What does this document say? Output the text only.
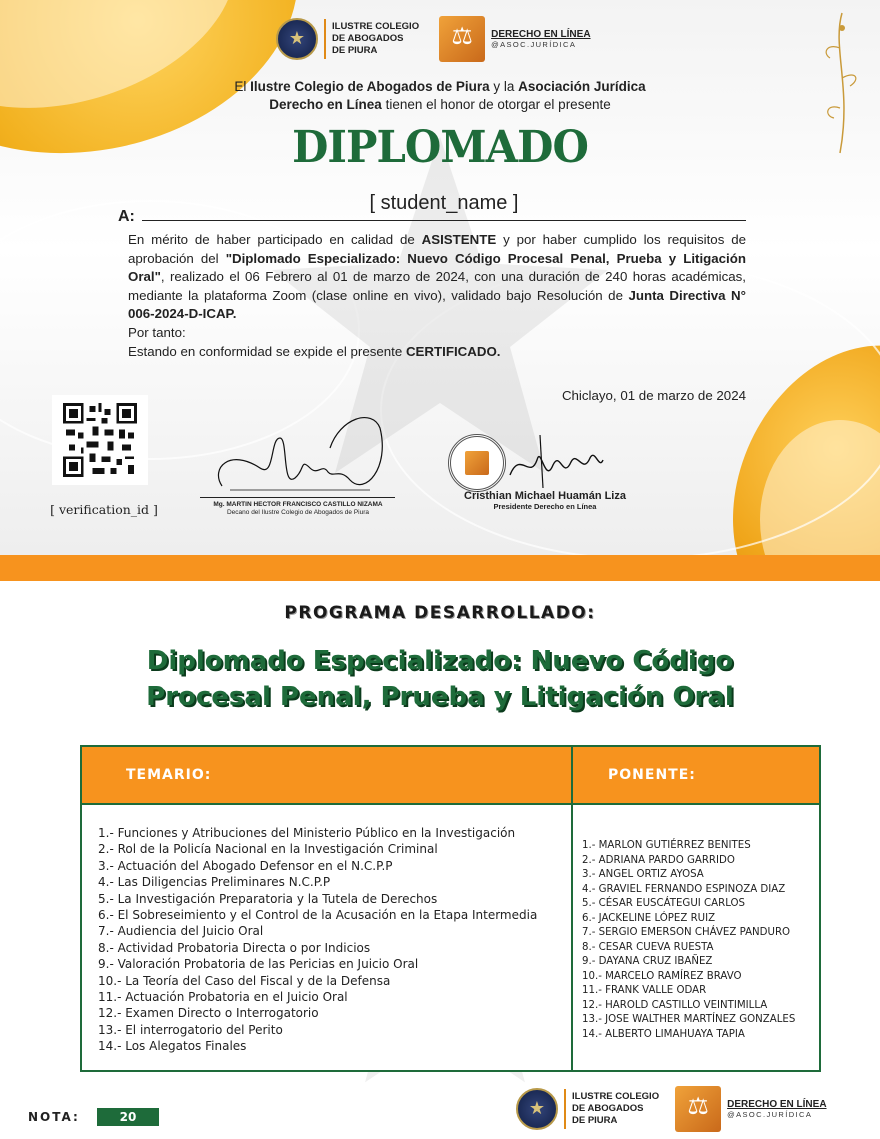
★
ILUSTRE COLEGIO
DE ABOGADOS
DE PIURA
⚖
DERECHO EN LÍNEA
@ASOC.JURÍDICA
El Ilustre Colegio de Abogados de Piura y la Asociación Jurídica
Derecho en Línea tienen el honor de otorgar el presente
DIPLOMADO
A:
[ student_name ]
En mérito de haber participado en calidad de ASISTENTE y por haber cumplido los requisitos de aprobación del "Diplomado Especializado: Nuevo Código Procesal Penal, Prueba y Litigación Oral", realizado el 06 Febrero al 01 de marzo de 2024, con una duración de 240 horas académicas, mediante la plataforma Zoom (clase online en vivo), validado bajo Resolución de Junta Directiva N° 006-2024-D-ICAP.
Por tanto:
Estando en conformidad se expide el presente CERTIFICADO.
Chiclayo, 01 de marzo de 2024
[ verification_id ]	Mg. MARTIN HECTOR FRANCISCO CASTILLO NIZAMA
Decano del Ilustre Colegio de Abogados de Piura
Cristhian Michael Huamán Liza
Presidente Derecho en Línea
PROGRAMA DESARROLLADO:
Diplomado Especializado: Nuevo Código Procesal Penal, Prueba y Litigación Oral
TEMARIO:	PONENTE:
1.- Funciones y Atribuciones del Ministerio Público en la Investigación
2.- Rol de la Policía Nacional en la Investigación Criminal
3.- Actuación del Abogado Defensor en el N.C.P.P
4.- Las Diligencias Preliminares N.C.P.P
5.- La Investigación Preparatoria y la Tutela de Derechos
6.- El Sobreseimiento y el Control de la Acusación en la Etapa Intermedia
7.- Audiencia del Juicio Oral
8.- Actividad Probatoria Directa o por Indicios
9.- Valoración Probatoria de las Pericias en Juicio Oral
10.- La Teoría del Caso del Fiscal y de la Defensa
11.- Actuación Probatoria en el Juicio Oral
12.- Examen Directo o Interrogatorio
13.- El interrogatorio del Perito
14.- Los Alegatos Finales
1.- MARLON GUTIÉRREZ BENITES
2.- ADRIANA PARDO GARRIDO
3.- ANGEL ORTIZ AYOSA
4.- GRAVIEL FERNANDO ESPINOZA DIAZ
5.- CÉSAR EUSCÁTEGUI CARLOS
6.- JACKELINE LÓPEZ RUIZ
7.- SERGIO EMERSON CHÁVEZ PANDURO
8.- CESAR CUEVA RUESTA
9.- DAYANA CRUZ IBAÑEZ
10.- MARCELO RAMÍREZ BRAVO
11.- FRANK VALLE ODAR
12.- HAROLD CASTILLO VEINTIMILLA
13.- JOSE WALTHER MARTÍNEZ GONZALES
14.- ALBERTO LIMAHUAYA TAPIA
NOTA:	20
★
ILUSTRE COLEGIO
DE ABOGADOS
DE PIURA
⚖
DERECHO EN LÍNEA
@ASOC.JURÍDICA
